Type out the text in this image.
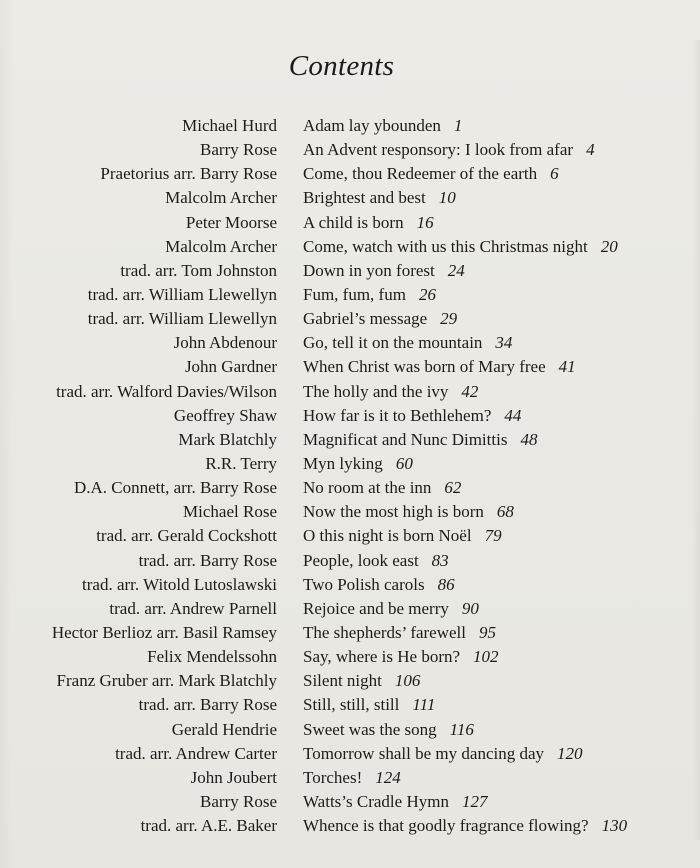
Contents
Michael Hurd Adam lay ybounden 1
Barry Rose An Advent responsory: I look from afar 4
Praetorius arr. Barry Rose Come, thou Redeemer of the earth 6
Malcolm Archer Brightest and best 10
Peter Moorse A child is born 16
Malcolm Archer Come, watch with us this Christmas night 20
trad. arr. Tom Johnston Down in yon forest 24
trad. arr. William Llewellyn Fum, fum, fum 26
trad. arr. William Llewellyn Gabriel’s message 29
John Abdenour Go, tell it on the mountain 34
John Gardner When Christ was born of Mary free 41
trad. arr. Walford Davies/Wilson The holly and the ivy 42
Geoffrey Shaw How far is it to Bethlehem? 44
Mark Blatchly Magnificat and Nunc Dimittis 48
R.R. Terry Myn lyking 60
D.A. Connett, arr. Barry Rose No room at the inn 62
Michael Rose Now the most high is born 68
trad. arr. Gerald Cockshott O this night is born Noël 79
trad. arr. Barry Rose People, look east 83
trad. arr. Witold Lutoslawski Two Polish carols 86
trad. arr. Andrew Parnell Rejoice and be merry 90
Hector Berlioz arr. Basil Ramsey The shepherds’ farewell 95
Felix Mendelssohn Say, where is He born? 102
Franz Gruber arr. Mark Blatchly Silent night 106
trad. arr. Barry Rose Still, still, still 111
Gerald Hendrie Sweet was the song 116
trad. arr. Andrew Carter Tomorrow shall be my dancing day 120
John Joubert Torches! 124
Barry Rose Watts’s Cradle Hymn 127
trad. arr. A.E. Baker Whence is that goodly fragrance flowing? 130
